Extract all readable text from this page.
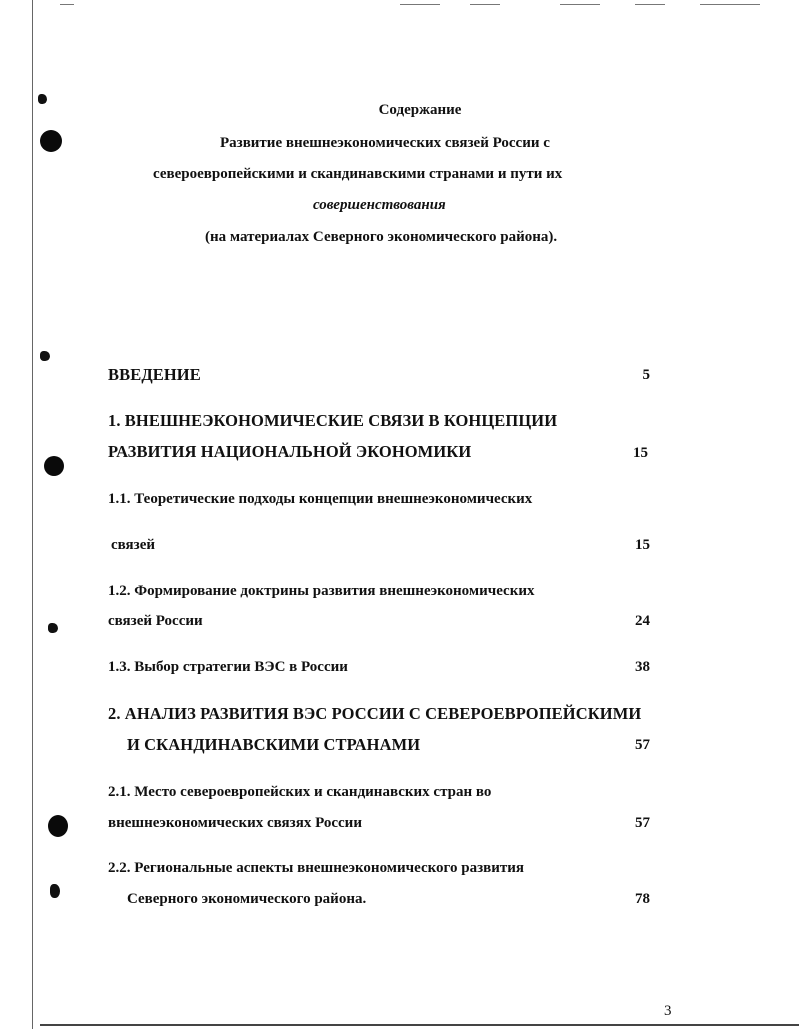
Содержание
Развитие внешнеэкономических связей России с
североевропейскими и скандинавскими странами и пути их
совершенствования
(на материалах Северного экономического района).
ВВЕДЕНИЕ	5
1. ВНЕШНЕЭКОНОМИЧЕСКИЕ СВЯЗИ В КОНЦЕПЦИИ
РАЗВИТИЯ НАЦИОНАЛЬНОЙ ЭКОНОМИКИ	15
1.1. Теоретические подходы концепции внешнеэкономических
связей	15
1.2. Формирование доктрины развития внешнеэкономических
связей России	24
1.3. Выбор стратегии ВЭС в России	38
2. АНАЛИЗ РАЗВИТИЯ ВЭС РОССИИ С СЕВЕРОЕВРОПЕЙСКИМИ
И СКАНДИНАВСКИМИ СТРАНАМИ	57
2.1. Место североевропейских и скандинавских стран во
внешнеэкономических связях России	57
2.2. Региональные аспекты внешнеэкономического развития
Северного экономического района.	78
3
